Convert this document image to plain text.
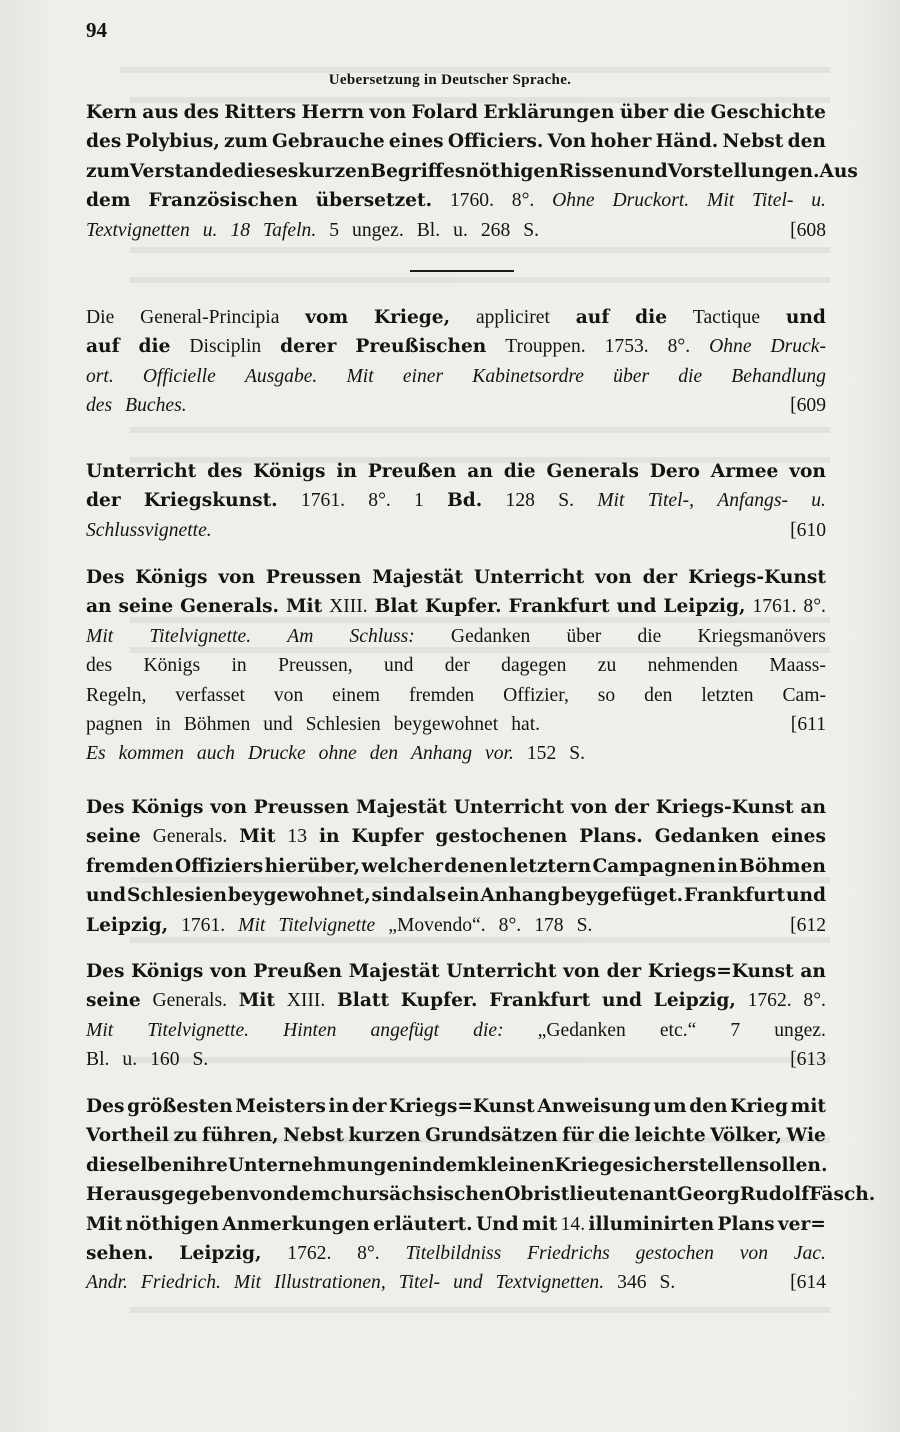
94
Uebersetzung in Deutscher Sprache.
Kern aus des Ritters Herrn von Folard Erklärungen über die Geschichte
des Polybius, zum Gebrauche eines Officiers. Von hoher Händ. Nebst den
zum Verstande dieses kurzen Begriffes nöthigen Rissen und Vorstellungen. Aus
dem Französischen übersetzet. 1760. 8°. Ohne Druckort. Mit Titel- u.
Textvignetten u. 18 Tafeln. 5 ungez. Bl. u. 268 S.	[608
Die General-Principia vom Kriege, appliciret auf die Tactique und
auf die Disciplin derer Preußischen Trouppen. 1753. 8°. Ohne Druck-
ort. Officielle Ausgabe. Mit einer Kabinetsordre über die Behandlung
des Buches.	[609
Unterricht des Königs in Preußen an die Generals Dero Armee von
der Kriegskunst. 1761. 8°. 1 Bd. 128 S. Mit Titel-, Anfangs- u.
Schlussvignette.	[610
Des Königs von Preussen Majestät Unterricht von der Kriegs-Kunst
an seine Generals. Mit XIII. Blat Kupfer. Frankfurt und Leipzig, 1761. 8°.
Mit Titelvignette. Am Schluss: Gedanken über die Kriegsmanövers
des Königs in Preussen, und der dagegen zu nehmenden Maass-
Regeln, verfasset von einem fremden Offizier, so den letzten Cam-
pagnen in Böhmen und Schlesien beygewohnet hat.	[611
Es kommen auch Drucke ohne den Anhang vor. 152 S.
Des Königs von Preussen Majestät Unterricht von der Kriegs-Kunst an
seine Generals. Mit 13 in Kupfer gestochenen Plans. Gedanken eines
fremden Offiziers hierüber, welcher denen letztern Campagnen in Böhmen
und Schlesien beygewohnet, sind als ein Anhang beygefüget. Frankfurt und
Leipzig, 1761. Mit Titelvignette „Movendo“. 8°. 178 S.	[612
Des Königs von Preußen Majestät Unterricht von der Kriegs=Kunst an
seine Generals. Mit XIII. Blatt Kupfer. Frankfurt und Leipzig, 1762. 8°.
Mit Titelvignette. Hinten angefügt die: „Gedanken etc.“ 7 ungez.
Bl. u. 160 S.	[613
Des größesten Meisters in der Kriegs=Kunst Anweisung um den Krieg mit
Vortheil zu führen, Nebst kurzen Grundsätzen für die leichte Völker, Wie
dieselben ihre Unternehmungen in dem kleinen Kriege sicher stellen sollen.
Herausgegeben von dem chursächsischen Obristlieutenant Georg Rudolf Fäsch.
Mit nöthigen Anmerkungen erläutert. Und mit 14. illuminirten Plans ver=
sehen. Leipzig, 1762. 8°. Titelbildniss Friedrichs gestochen von Jac.
Andr. Friedrich. Mit Illustrationen, Titel- und Textvignetten. 346 S.	[614
